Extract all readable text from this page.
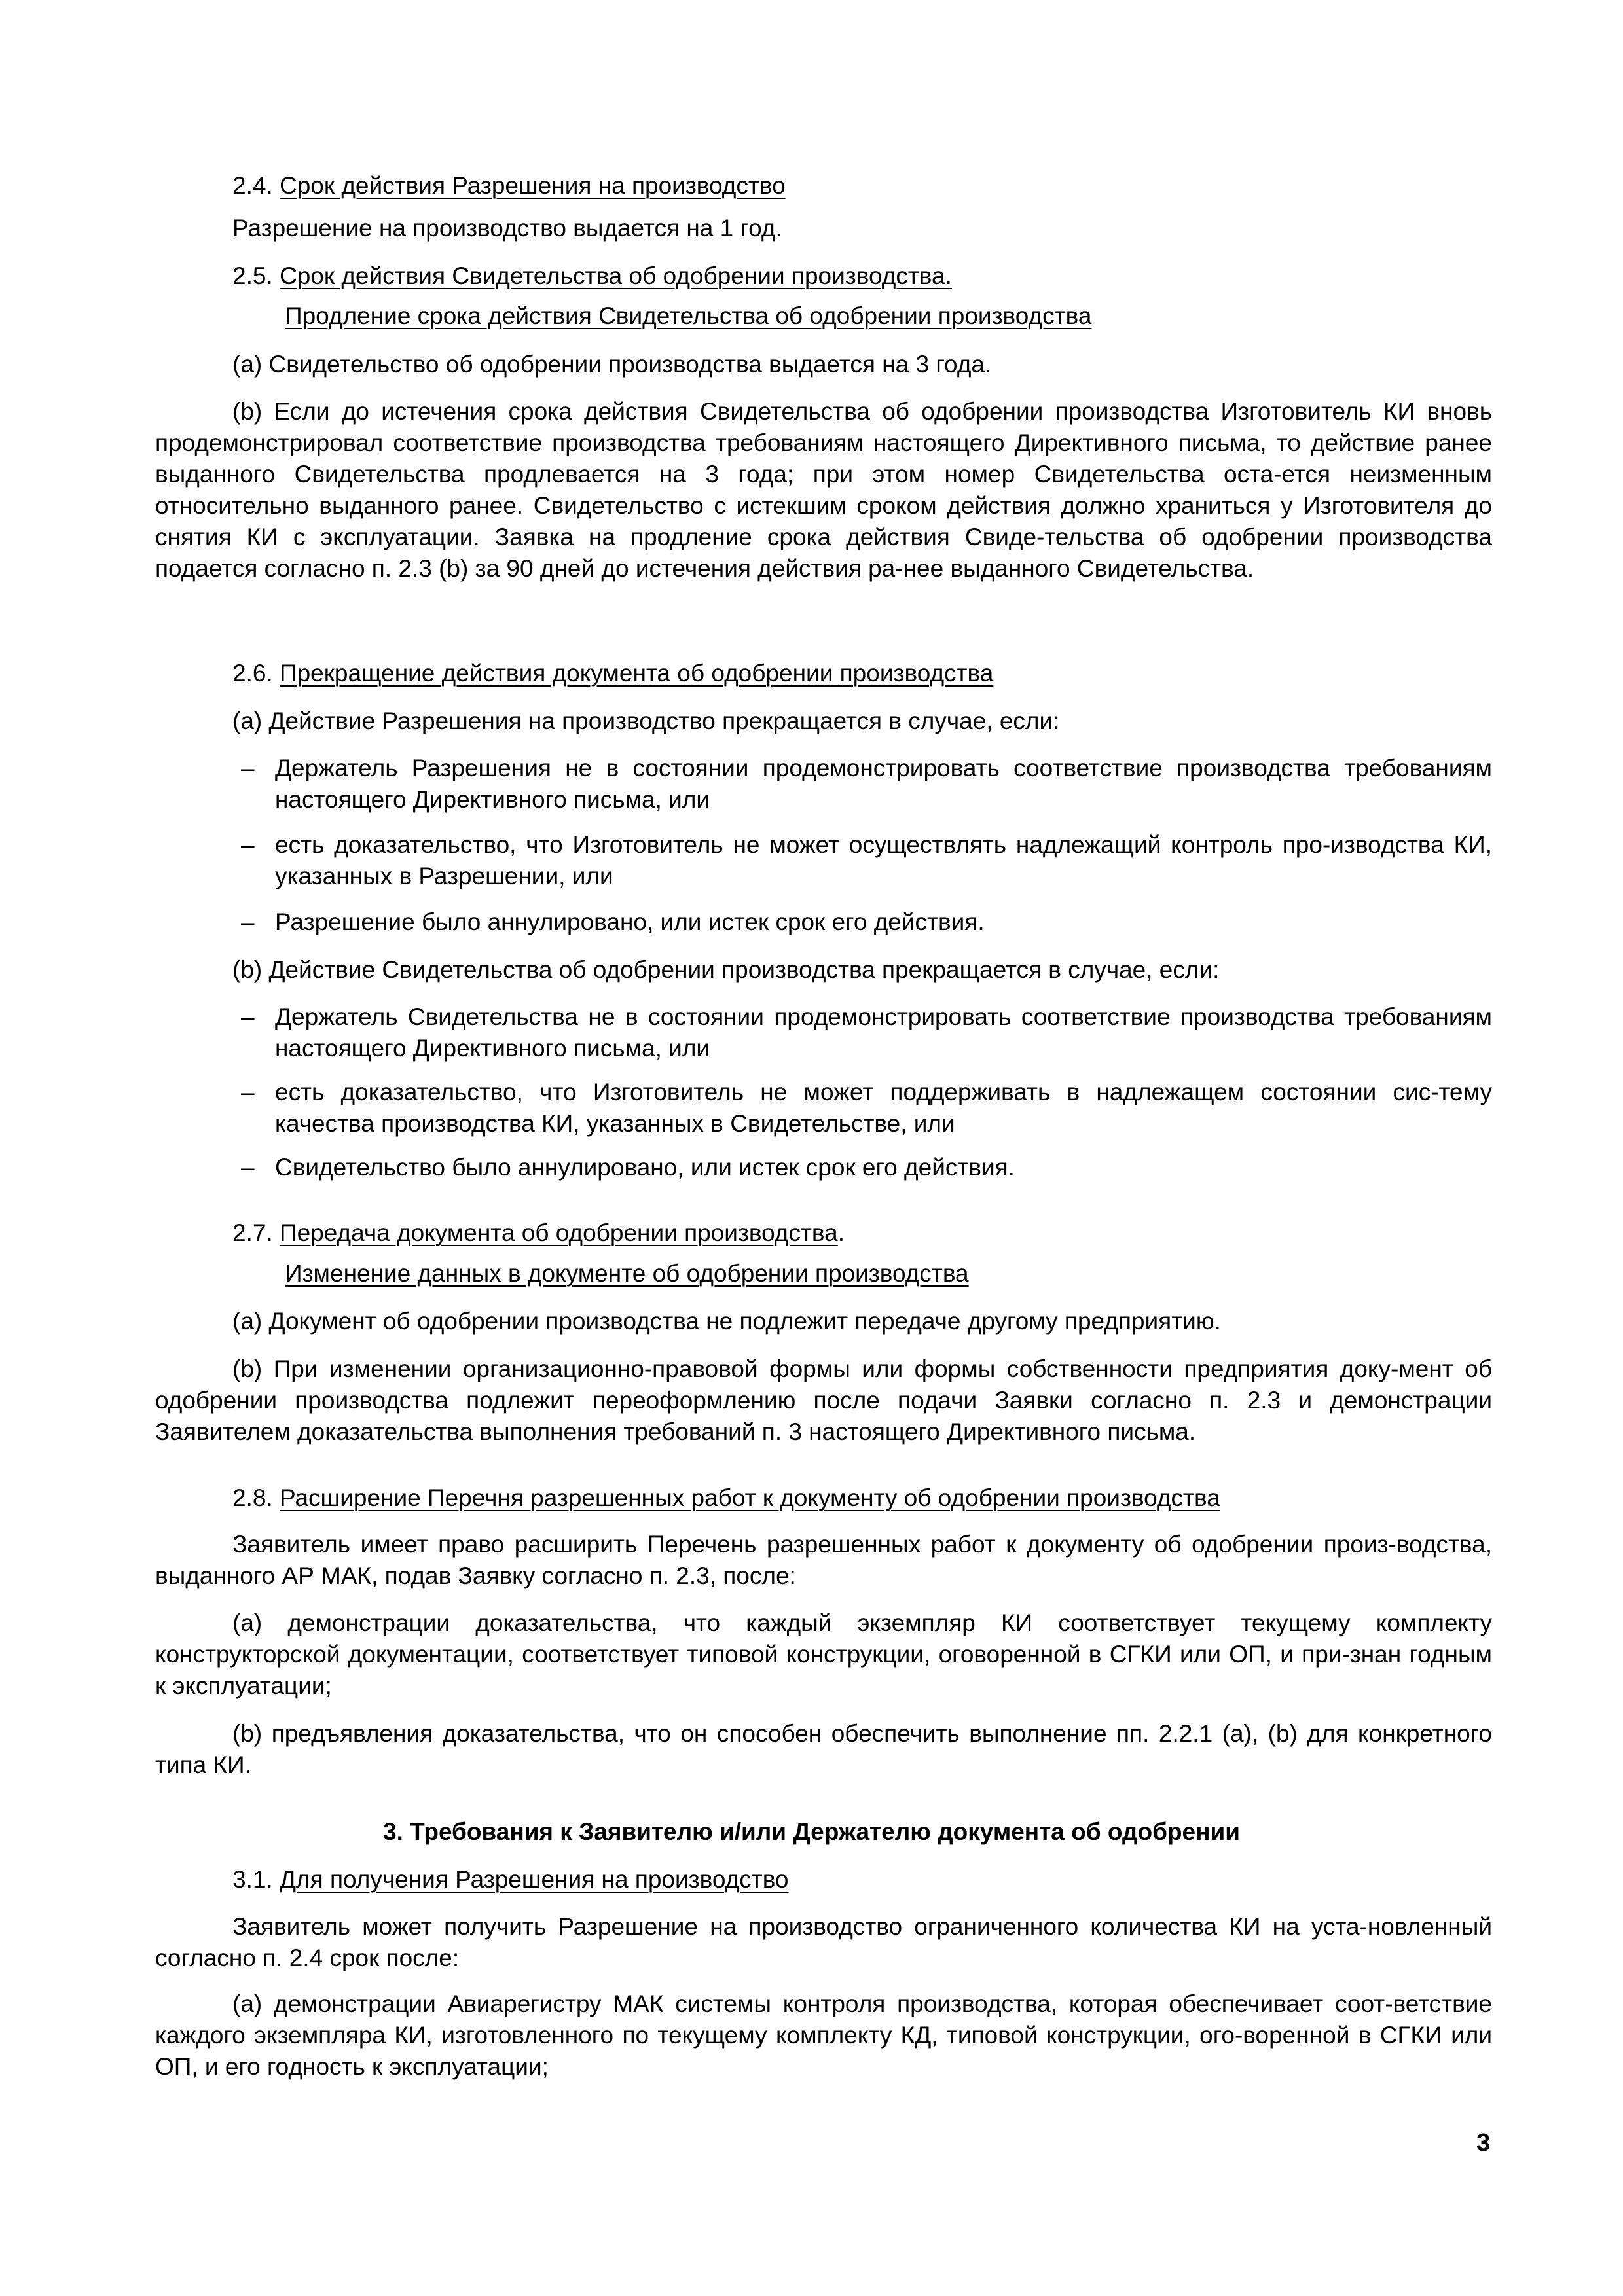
2.4. Срок действия Разрешения на производство

Разрешение на производство выдается на 1 год.

2.5. Срок действия Свидетельства об одобрении производства.

Продление срока действия Свидетельства об одобрении производства

(a) Свидетельство об одобрении производства выдается на 3 года.

(b) Если до истечения срока действия Свидетельства об одобрении производства Изготовитель КИ вновь продемонстрировал соответствие производства требованиям настоящего Директивного письма, то действие ранее выданного Свидетельства продлевается на 3 года; при этом номер Свидетельства оста-ется неизменным относительно выданного ранее. Свидетельство с истекшим сроком действия должно храниться у Изготовителя до снятия КИ с эксплуатации. Заявка на продление срока действия Свиде-тельства об одобрении производства подается согласно п. 2.3 (b) за 90 дней до истечения действия ра-нее выданного Свидетельства.

2.6. Прекращение действия документа об одобрении производства

(a) Действие Разрешения на производство прекращается в случае, если:

– Держатель Разрешения не в состоянии продемонстрировать соответствие производства требованиям настоящего Директивного письма, или

– есть доказательство, что Изготовитель не может осуществлять надлежащий контроль про-изводства КИ, указанных в Разрешении, или

– Разрешение было аннулировано, или истек срок его действия.

(b) Действие Свидетельства об одобрении производства прекращается в случае, если:

– Держатель Свидетельства не в состоянии продемонстрировать соответствие производства требованиям настоящего Директивного письма, или

– есть доказательство, что Изготовитель не может поддерживать в надлежащем состоянии сис-тему качества производства КИ, указанных в Свидетельстве, или

– Свидетельство было аннулировано, или истек срок его действия.

2.7. Передача документа об одобрении производства.

Изменение данных в документе об одобрении производства

(a) Документ об одобрении производства не подлежит передаче другому предприятию.

(b) При изменении организационно-правовой формы или формы собственности предприятия доку-мент об одобрении производства подлежит переоформлению после подачи Заявки согласно п. 2.3 и демонстрации Заявителем доказательства выполнения требований п. 3 настоящего Директивного письма.

2.8. Расширение Перечня разрешенных работ к документу об одобрении производства

Заявитель имеет право расширить Перечень разрешенных работ к документу об одобрении произ-водства, выданного АР МАК, подав Заявку согласно п. 2.3, после:

(a) демонстрации доказательства, что каждый экземпляр КИ соответствует текущему комплекту конструкторской документации, соответствует типовой конструкции, оговоренной в СГКИ или ОП, и при-знан годным к эксплуатации;

(b) предъявления доказательства, что он способен обеспечить выполнение пп. 2.2.1 (a), (b) для конкретного типа КИ.

3. Требования к Заявителю и/или Держателю документа об одобрении

3.1. Для получения Разрешения на производство

Заявитель может получить Разрешение на производство ограниченного количества КИ на уста-новленный согласно п. 2.4 срок после:

(a) демонстрации Авиарегистру МАК системы контроля производства, которая обеспечивает соот-ветствие каждого экземпляра КИ, изготовленного по текущему комплекту КД, типовой конструкции, ого-воренной в СГКИ или ОП, и его годность к эксплуатации;

3
